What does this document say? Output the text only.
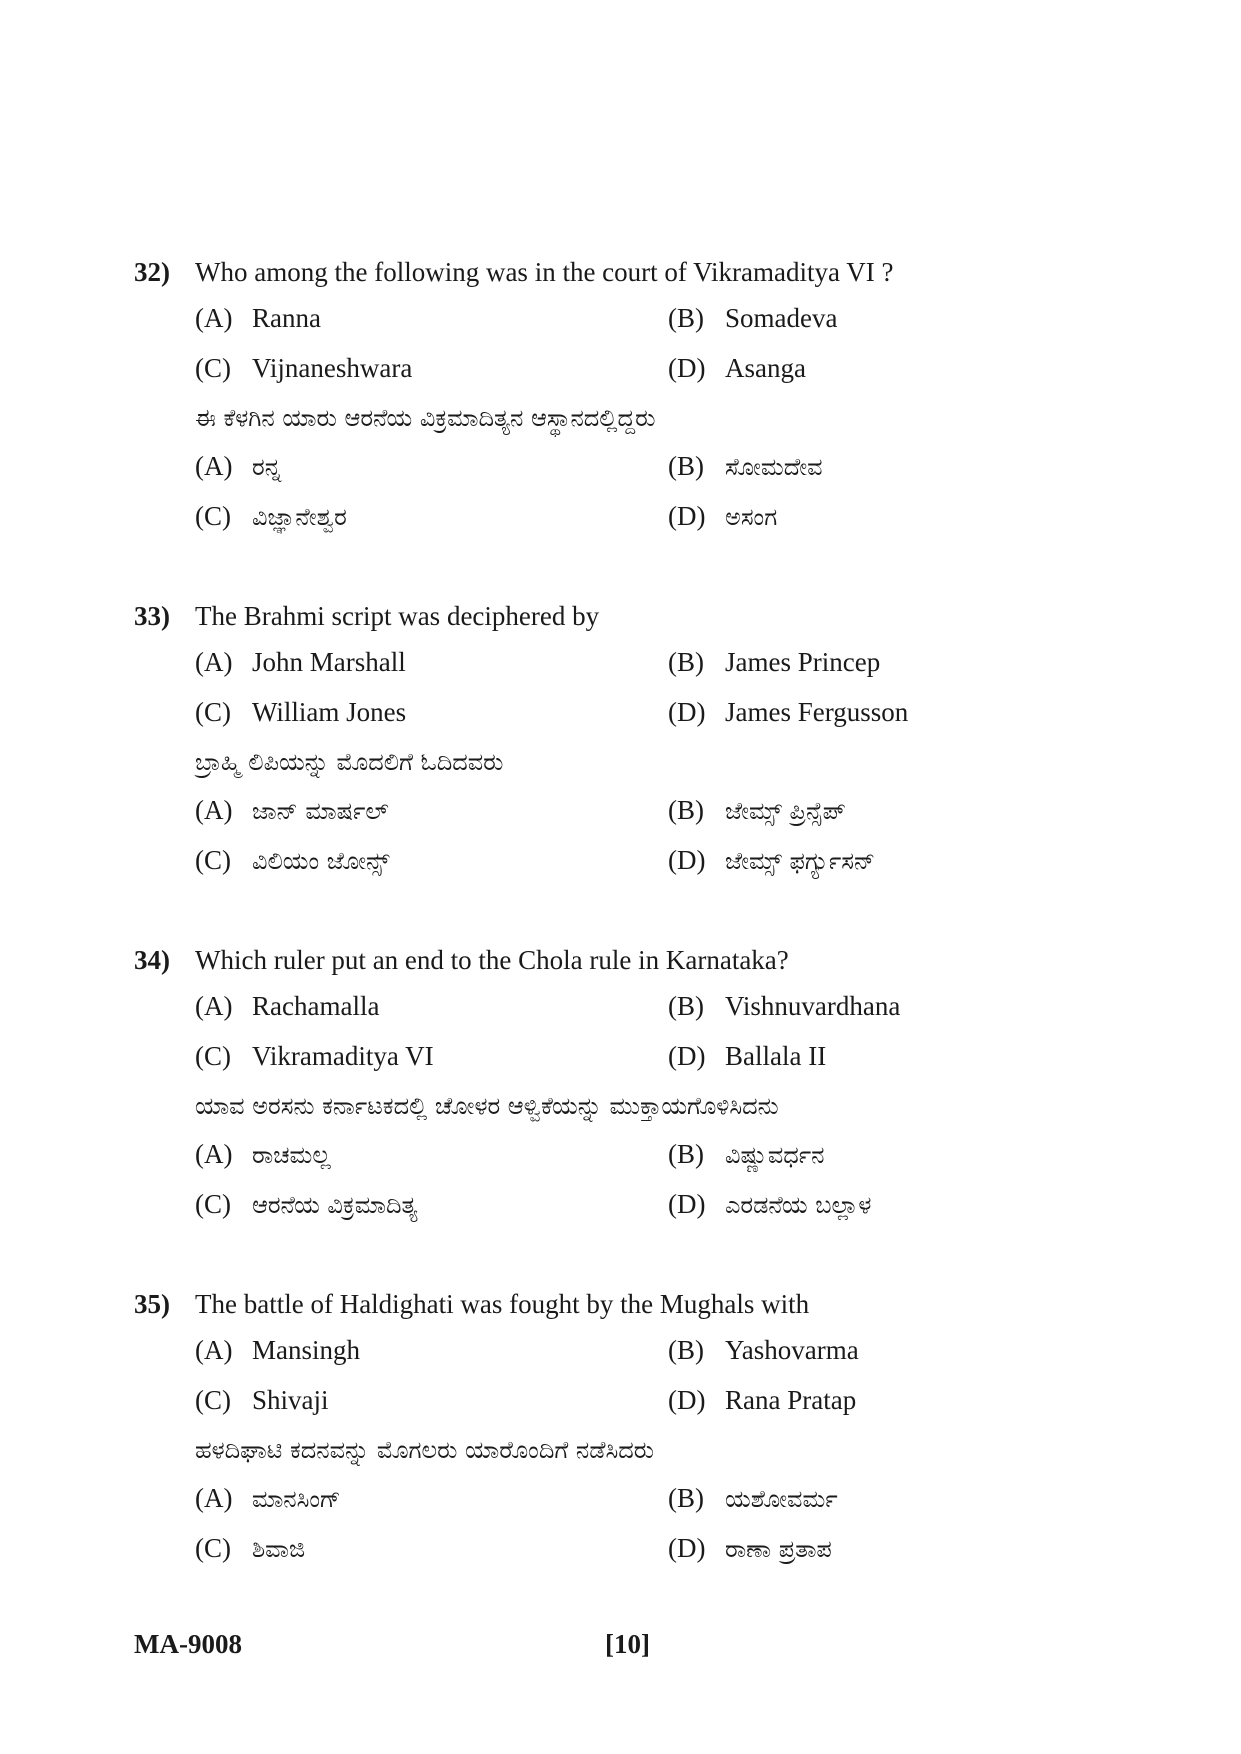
32) Who among the following was in the court of Vikramaditya VI ?
(A) Ranna	(B) Somadeva
(C) Vijnaneshwara	(D) Asanga
ಈ ಕೆಳಗಿನ ಯಾರು ಆರನೆಯ ವಿಕ್ರಮಾದಿತ್ಯನ ಆಸ್ಥಾನದಲ್ಲಿದ್ದರು
(A) ರನ್ನ	(B) ಸೋಮದೇವ
(C) ವಿಜ್ಞಾನೇಶ್ವರ	(D) ಅಸಂಗ
33) The Brahmi script was deciphered by
(A) John Marshall	(B) James Princep
(C) William Jones	(D) James Fergusson
ಬ್ರಾಹ್ಮಿ ಲಿಪಿಯನ್ನು ಮೊದಲಿಗೆ ಓದಿದವರು
(A) ಜಾನ್ ಮಾರ್ಷಲ್	(B) ಜೇಮ್ಸ್ ಪ್ರಿನ್ಸೆಪ್
(C) ವಿಲಿಯಂ ಜೋನ್ಸ್	(D) ಜೇಮ್ಸ್ ಫರ್ಗ್ಯುಸನ್
34) Which ruler put an end to the Chola rule in Karnataka?
(A) Rachamalla	(B) Vishnuvardhana
(C) Vikramaditya VI	(D) Ballala II
ಯಾವ ಅರಸನು ಕರ್ನಾಟಕದಲ್ಲಿ ಚೋಳರ ಆಳ್ವಿಕೆಯನ್ನು ಮುಕ್ತಾಯಗೊಳಿಸಿದನು
(A) ರಾಚಮಲ್ಲ	(B) ವಿಷ್ಣುವರ್ಧನ
(C) ಆರನೆಯ ವಿಕ್ರಮಾದಿತ್ಯ	(D) ಎರಡನೆಯ ಬಲ್ಲಾಳ
35) The battle of Haldighati was fought by the Mughals with
(A) Mansingh	(B) Yashovarma
(C) Shivaji	(D) Rana Pratap
ಹಳದಿಘಾಟಿ ಕದನವನ್ನು ಮೊಗಲರು ಯಾರೊಂದಿಗೆ ನಡೆಸಿದರು
(A) ಮಾನಸಿಂಗ್	(B) ಯಶೋವರ್ಮ
(C) ಶಿವಾಜಿ	(D) ರಾಣಾ ಪ್ರತಾಪ
MA-9008	[10]
